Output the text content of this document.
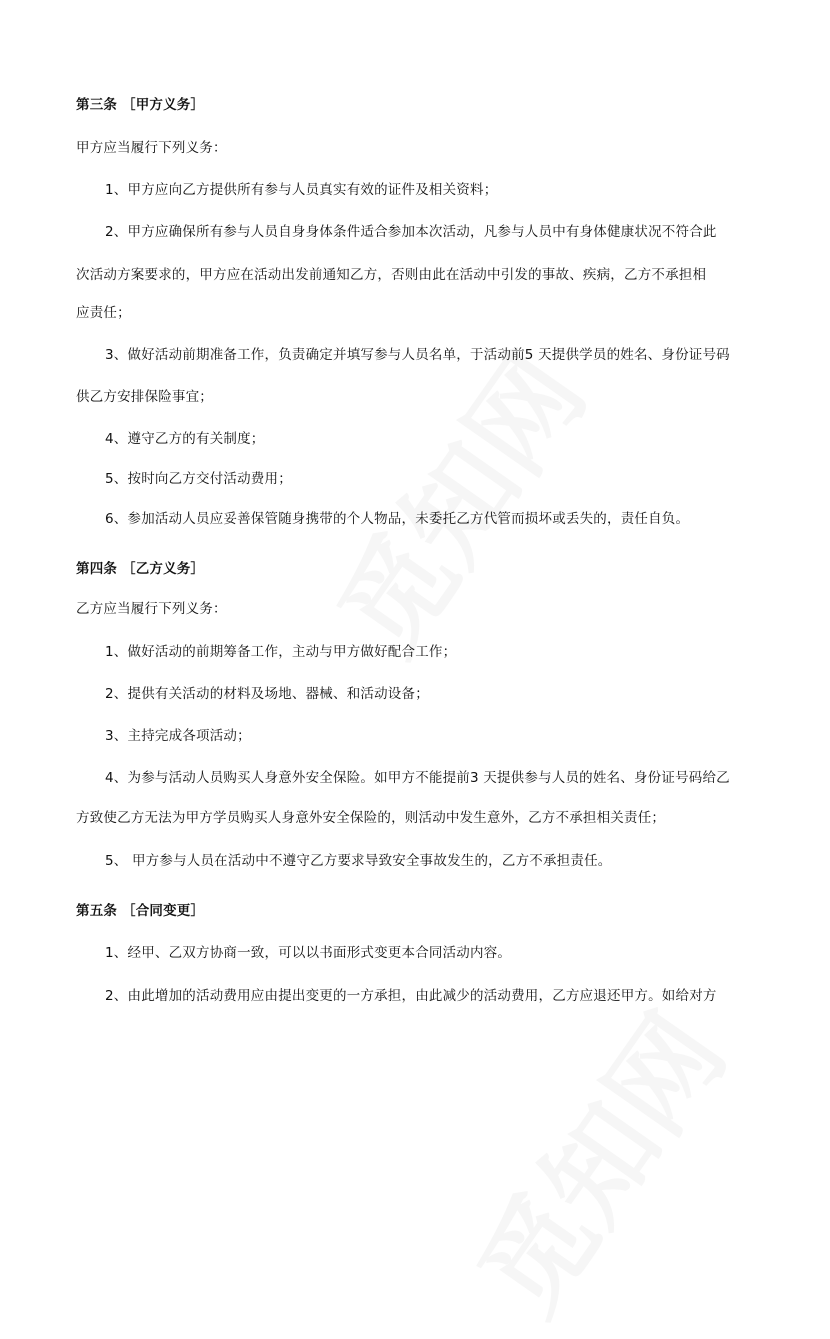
第三条 ［甲方义务］
甲方应当履行下列义务：
1、甲方应向乙方提供所有参与人员真实有效的证件及相关资料；
2、甲方应确保所有参与人员自身身体条件适合参加本次活动，凡参与人员中有身体健康状况不符合此
次活动方案要求的，甲方应在活动出发前通知乙方，否则由此在活动中引发的事故、疾病，乙方不承担相
应责任；
3、做好活动前期准备工作，负责确定并填写参与人员名单，于活动前5 天提供学员的姓名、身份证号码
供乙方安排保险事宜；
4、遵守乙方的有关制度；
5、按时向乙方交付活动费用；
6、参加活动人员应妥善保管随身携带的个人物品，未委托乙方代管而损坏或丢失的，责任自负。
第四条 ［乙方义务］
乙方应当履行下列义务：
1、做好活动的前期筹备工作，主动与甲方做好配合工作；
2、提供有关活动的材料及场地、器械、和活动设备；
3、主持完成各项活动；
4、为参与活动人员购买人身意外安全保险。如甲方不能提前3 天提供参与人员的姓名、身份证号码给乙
方致使乙方无法为甲方学员购买人身意外安全保险的，则活动中发生意外，乙方不承担相关责任；
5、 甲方参与人员在活动中不遵守乙方要求导致安全事故发生的，乙方不承担责任。
第五条 ［合同变更］
1、经甲、乙双方协商一致，可以以书面形式变更本合同活动内容。
2、由此增加的活动费用应由提出变更的一方承担，由此减少的活动费用，乙方应退还甲方。如给对方
